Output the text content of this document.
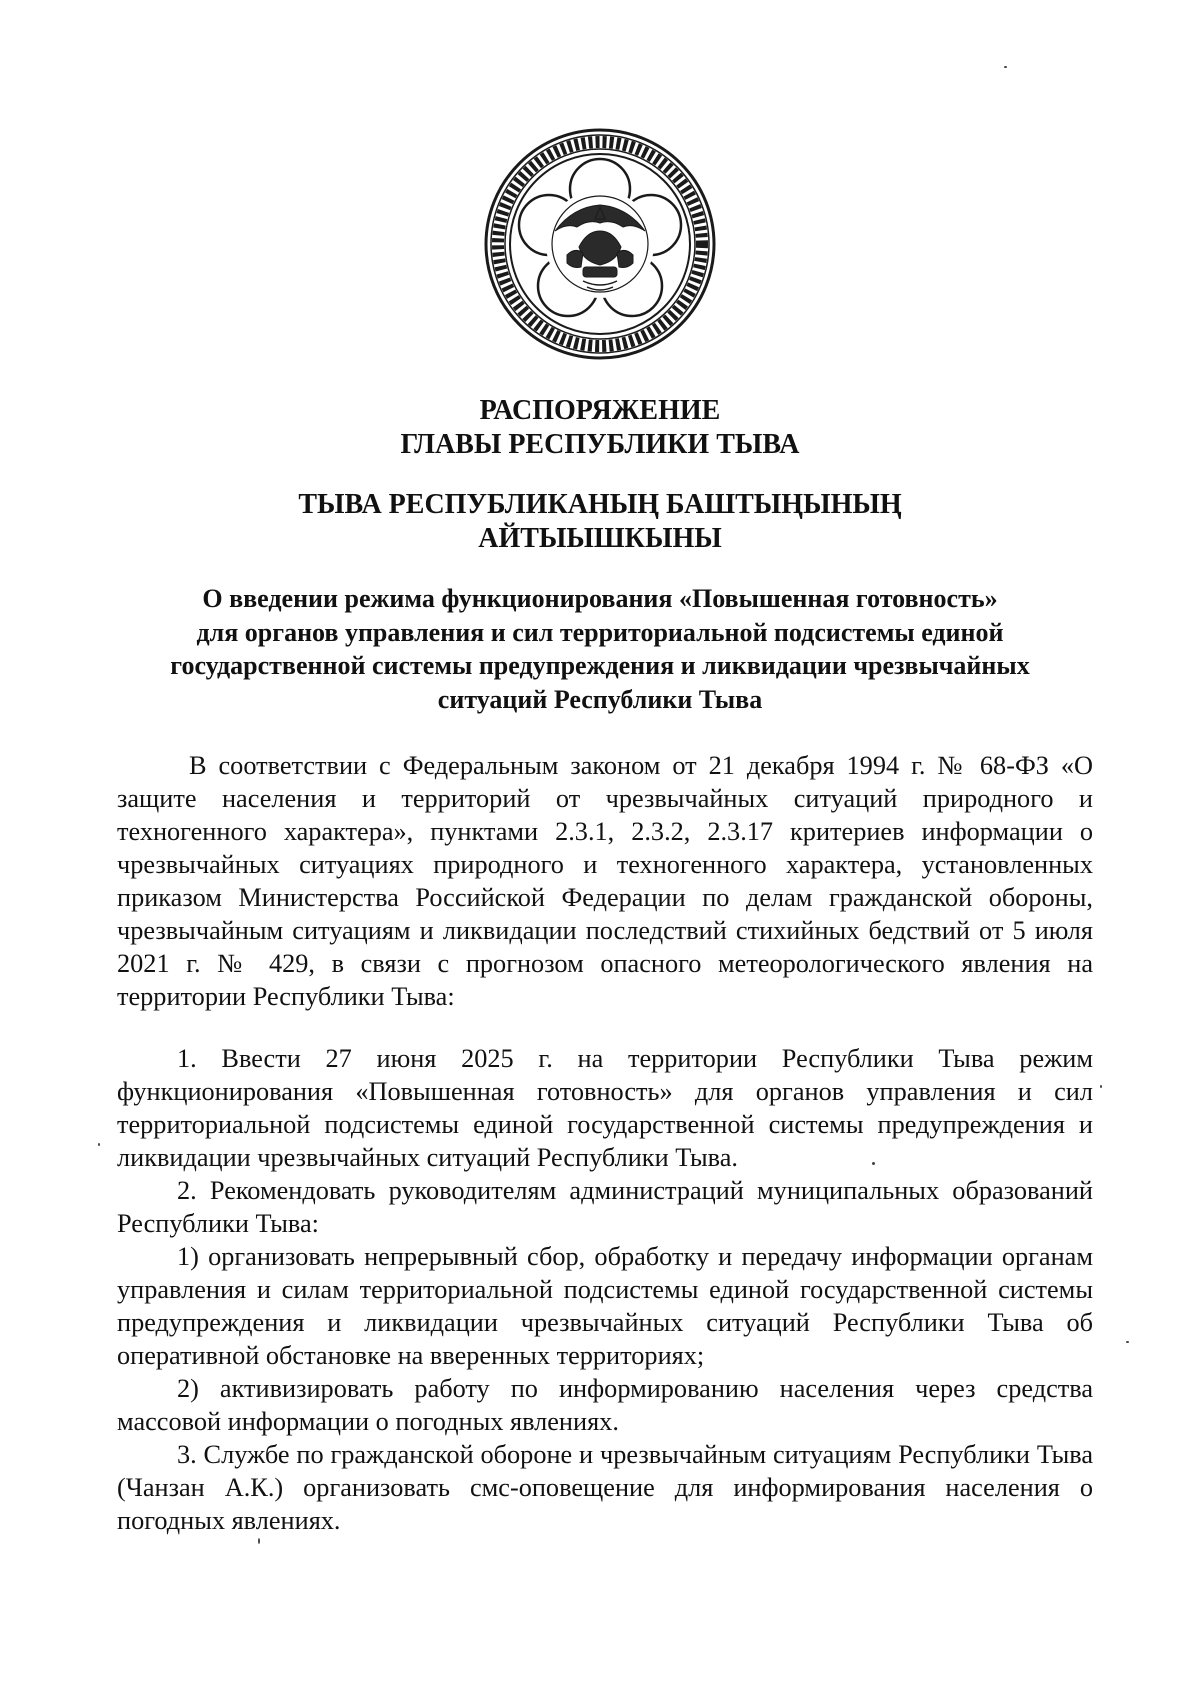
РАСПОРЯЖЕНИЕ
ГЛАВЫ РЕСПУБЛИКИ ТЫВА
ТЫВА РЕСПУБЛИКАНЫҢ БАШТЫҢЫНЫҢ
АЙТЫЫШКЫНЫ
О введении режима функционирования «Повышенная готовность»
для органов управления и сил территориальной подсистемы единой
государственной системы предупреждения и ликвидации чрезвычайных
ситуаций Республики Тыва

В соответствии с Федеральным законом от 21 декабря 1994 г. № 68-ФЗ «О защите населения и территорий от чрезвычайных ситуаций природного и техногенного характера», пунктами 2.3.1, 2.3.2, 2.3.17 критериев информации о чрезвычайных ситуациях природного и техногенного характера, установленных приказом Министерства Российской Федерации по делам гражданской обороны, чрезвычайным ситуациям и ликвидации последствий стихийных бедствий от 5 июля 2021 г. № 429, в связи с прогнозом опасного метеорологического явления на территории Республики Тыва:

1. Ввести 27 июня 2025 г. на территории Республики Тыва режим функционирования «Повышенная готовность» для органов управления и сил территориальной подсистемы единой государственной системы предупреждения и ликвидации чрезвычайных ситуаций Республики Тыва.

2. Рекомендовать руководителям администраций муниципальных образований Республики Тыва:

1) организовать непрерывный сбор, обработку и передачу информации органам управления и силам территориальной подсистемы единой государственной системы предупреждения и ликвидации чрезвычайных ситуаций Республики Тыва об оперативной обстановке на вверенных территориях;

2) активизировать работу по информированию населения через средства массовой информации о погодных явлениях.

3. Службе по гражданской обороне и чрезвычайным ситуациям Республики Тыва (Чанзан А.К.) организовать смс-оповещение для информирования населения о погодных явлениях.
